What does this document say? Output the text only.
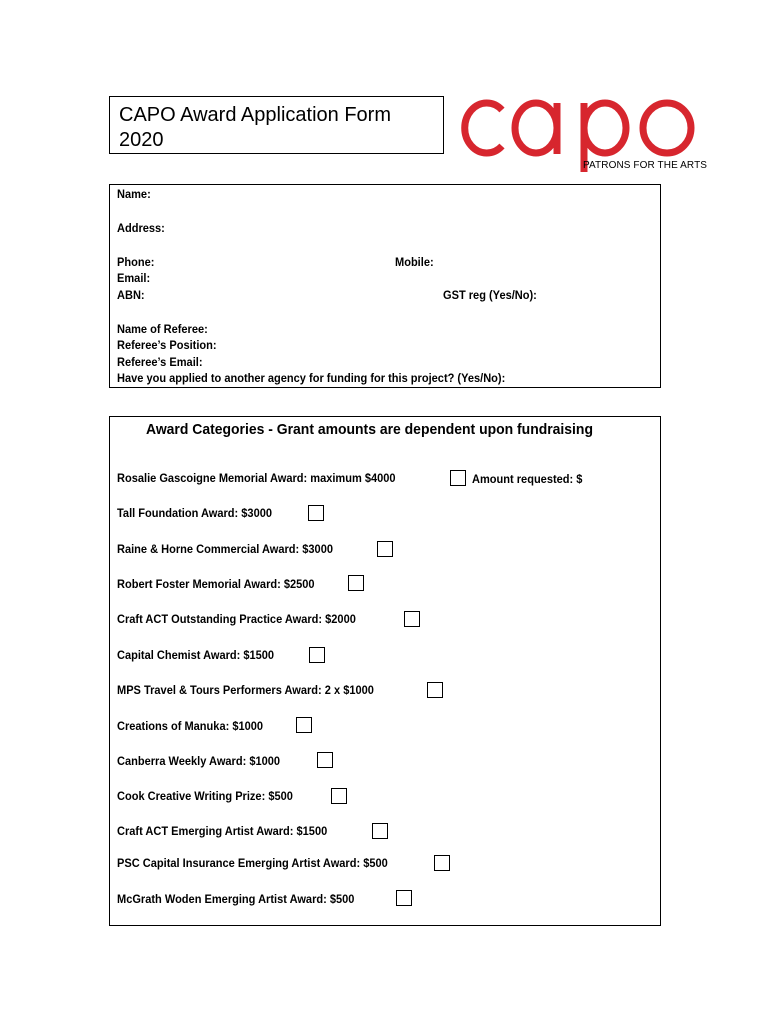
CAPO Award Application Form
2020
PATRONS FOR THE ARTS
Name:
Address:
Phone:	Mobile:
Email:
ABN:	GST reg (Yes/No):
Name of Referee:
Referee’s Position:
Referee’s Email:
Have you applied to another agency for funding for this project? (Yes/No):
Award Categories - Grant amounts are dependent upon fundraising
Rosalie Gascoigne Memorial Award: maximum $4000	Amount requested: $
Tall Foundation Award: $3000
Raine & Horne Commercial Award: $3000
Robert Foster Memorial Award: $2500
Craft ACT Outstanding Practice Award: $2000
Capital Chemist Award: $1500
MPS Travel & Tours Performers Award: 2 x $1000
Creations of Manuka: $1000
Canberra Weekly Award: $1000
Cook Creative Writing Prize: $500
Craft ACT Emerging Artist Award: $1500
PSC Capital Insurance Emerging Artist Award: $500
McGrath Woden Emerging Artist Award: $500
